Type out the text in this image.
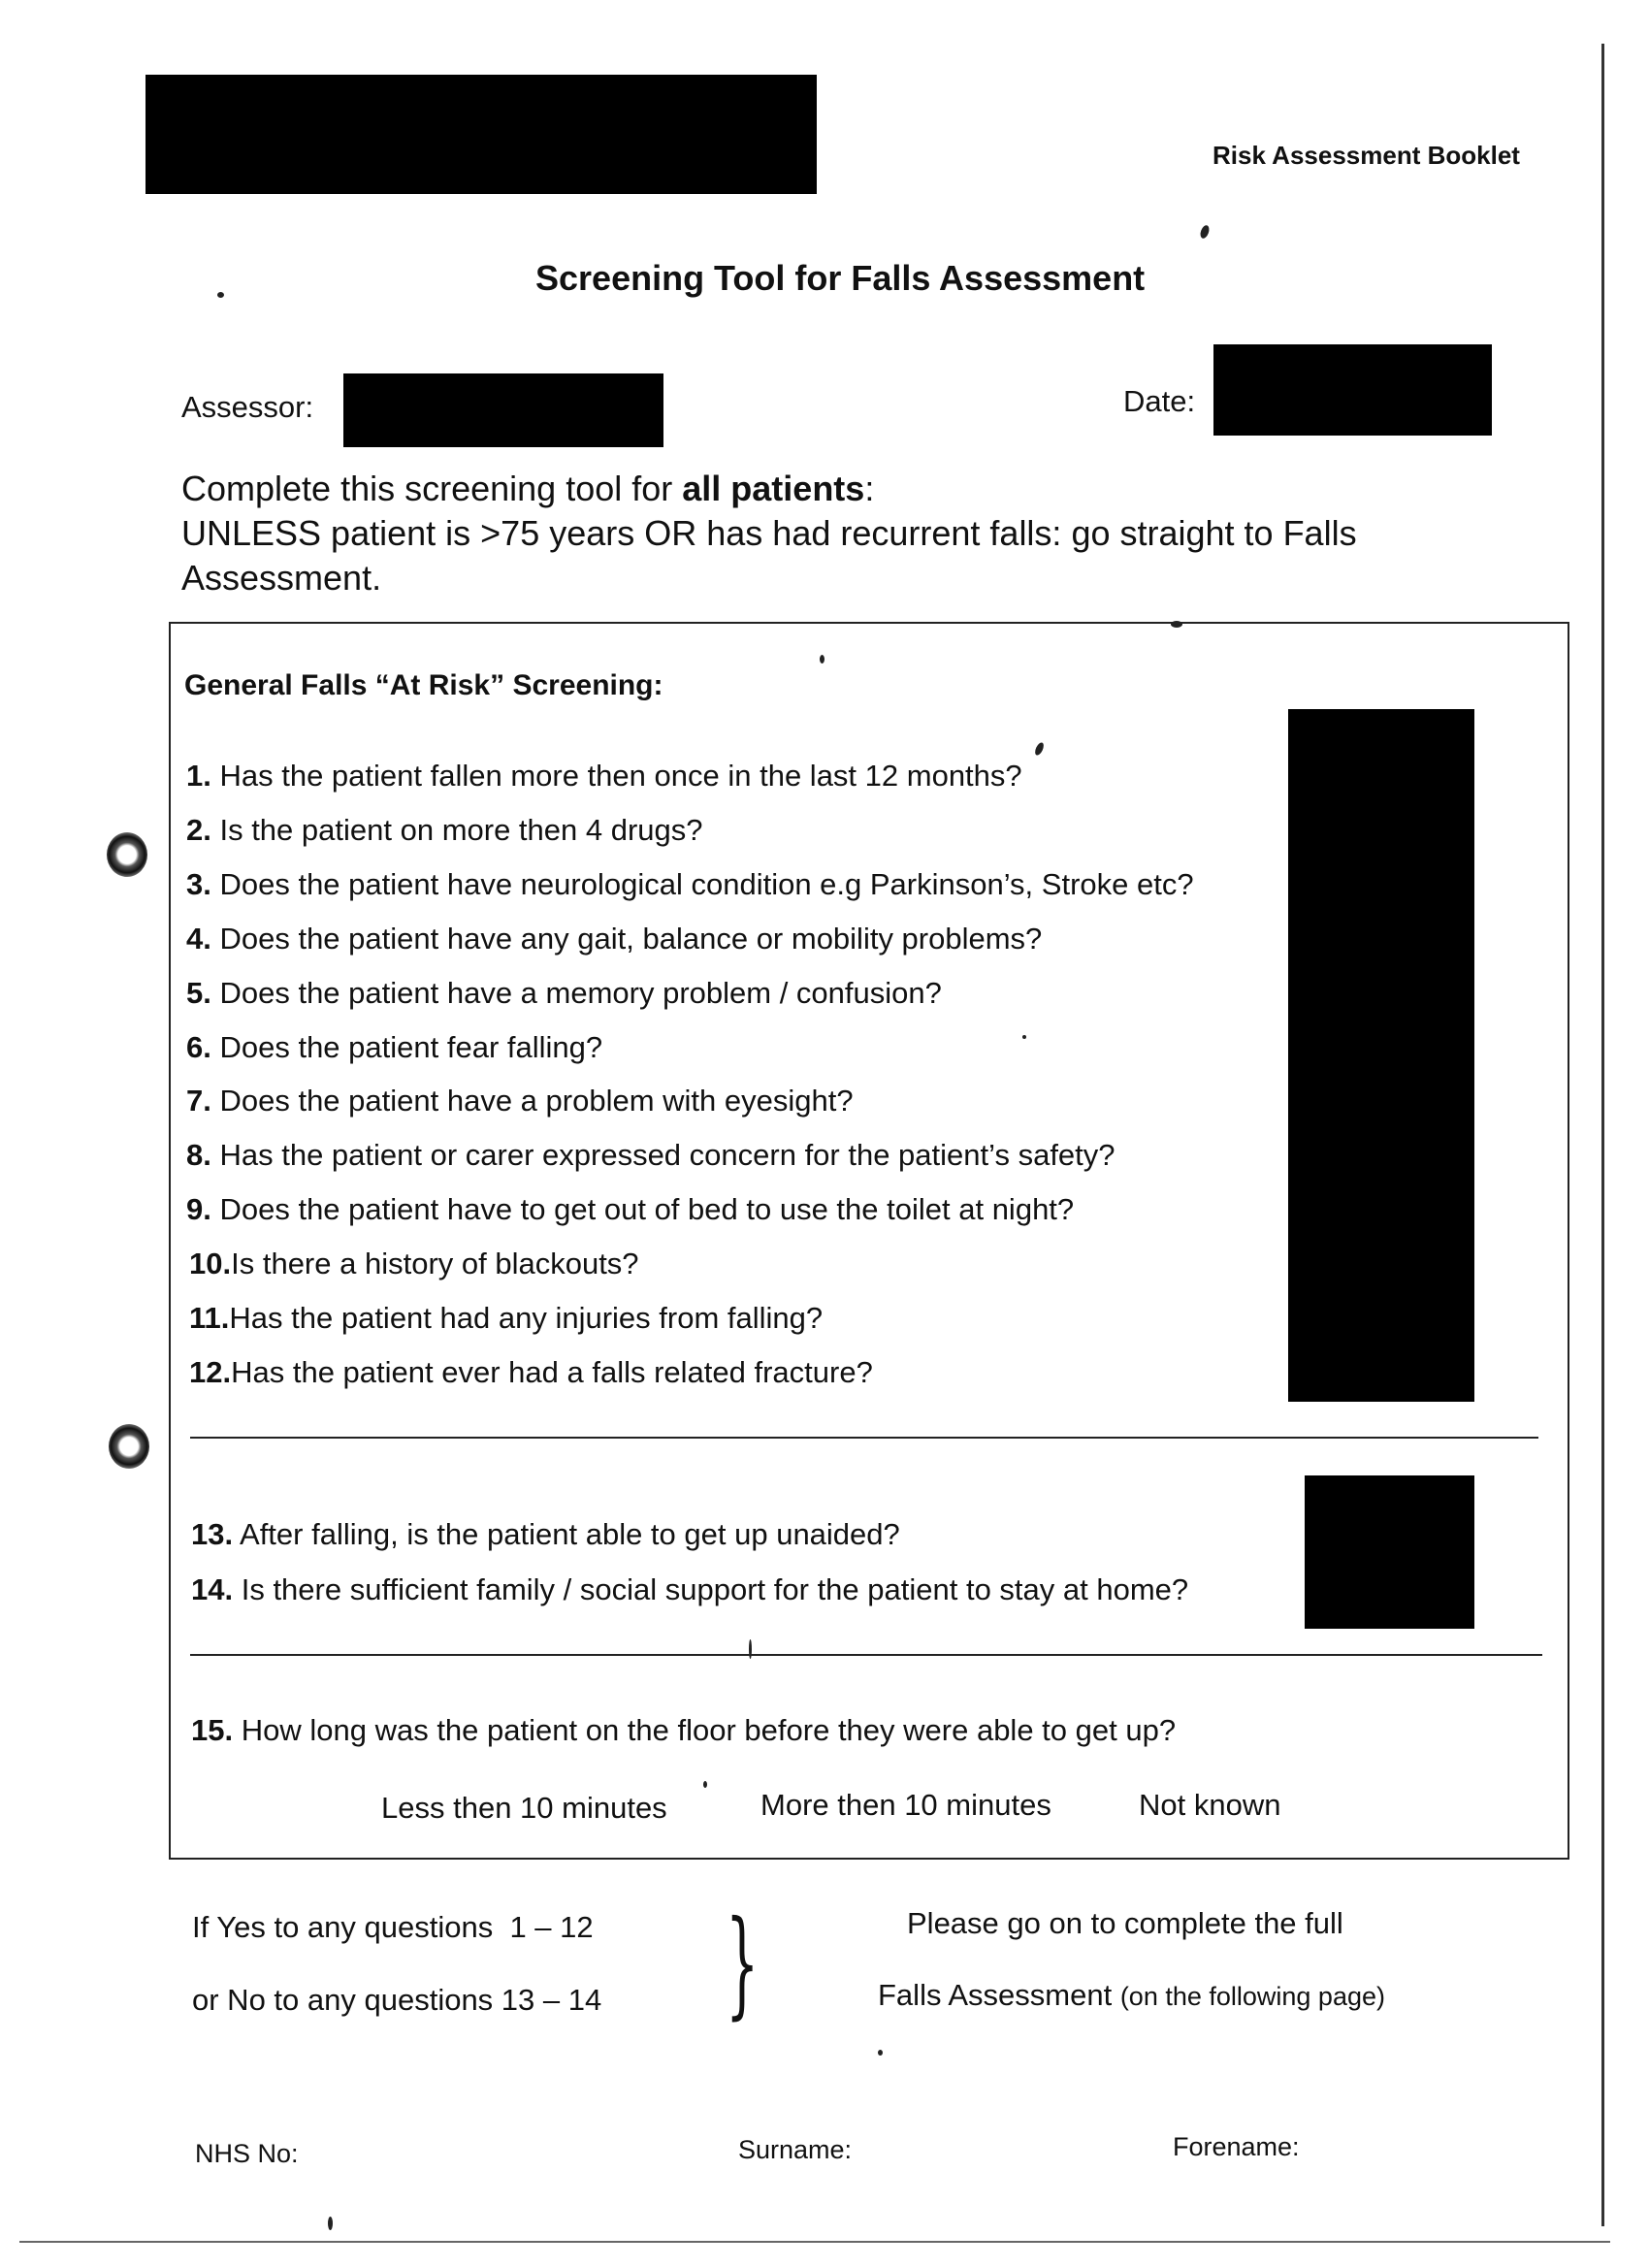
Risk Assessment Booklet
Screening Tool for Falls Assessment
Assessor:	Date:
Complete this screening tool for all patients:
UNLESS patient is >75 years OR has had recurrent falls: go straight to Falls
Assessment.
General Falls “At Risk” Screening:
1. Has the patient fallen more then once in the last 12 months?
2. Is the patient on more then 4 drugs?
3. Does the patient have neurological condition e.g Parkinson’s, Stroke etc?
4. Does the patient have any gait, balance or mobility problems?
5. Does the patient have a memory problem / confusion?
6. Does the patient fear falling?
7. Does the patient have a problem with eyesight?
8. Has the patient or carer expressed concern for the patient’s safety?
9. Does the patient have to get out of bed to use the toilet at night?
10.Is there a history of blackouts?
11.Has the patient had any injuries from falling?
12.Has the patient ever had a falls related fracture?
13. After falling, is the patient able to get up unaided?
14. Is there sufficient family / social support for the patient to stay at home?
15. How long was the patient on the floor before they were able to get up?
Less then 10 minutes	More then 10 minutes	Not known
If Yes to any questions  1 – 12
or No to any questions 13 – 14 }	Please go on to complete the full
Falls Assessment (on the following page)
NHS No:	Surname:	Forename:
